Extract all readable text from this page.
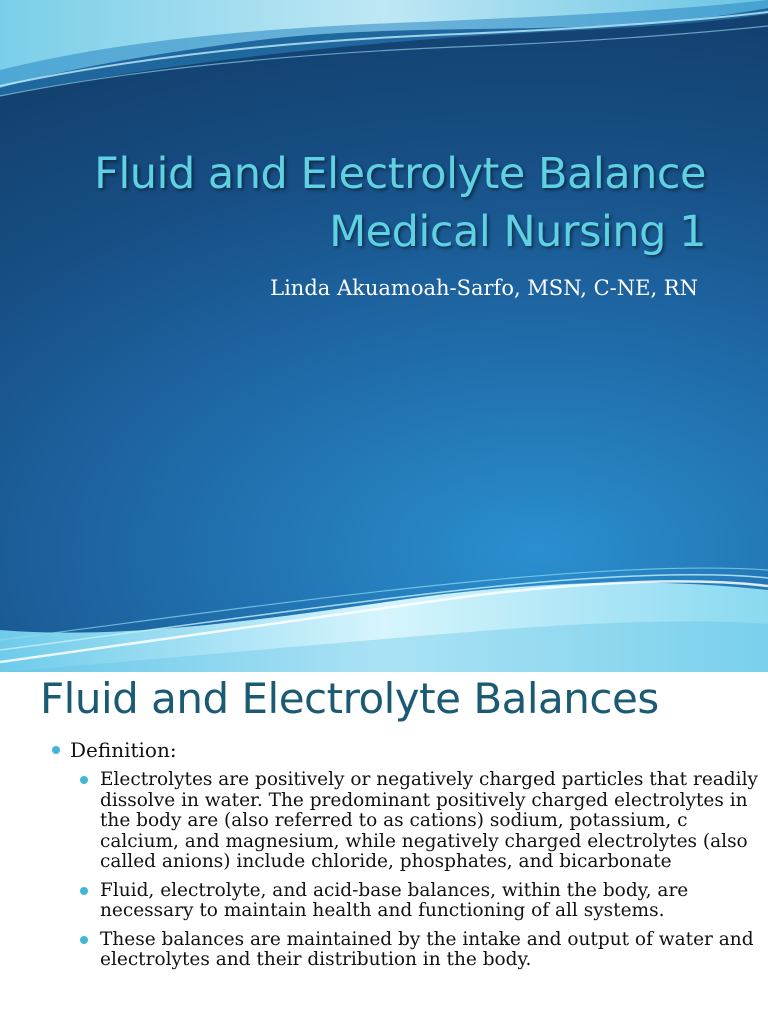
Fluid and Electrolyte Balance
Medical Nursing 1
Linda Akuamoah-Sarfo, MSN, C-NE, RN
Fluid and Electrolyte Balances
Definition:
Electrolytes are positively or negatively charged particles that readily dissolve in water. The predominant positively charged electrolytes in the body are (also referred to as cations) sodium, potassium, c calcium, and magnesium, while negatively charged electrolytes (also called anions) include chloride, phosphates, and bicarbonate
Fluid, electrolyte, and acid-base balances, within the body, are necessary to maintain health and functioning of all systems.
These balances are maintained by the intake and output of water and electrolytes and their distribution in the body.
